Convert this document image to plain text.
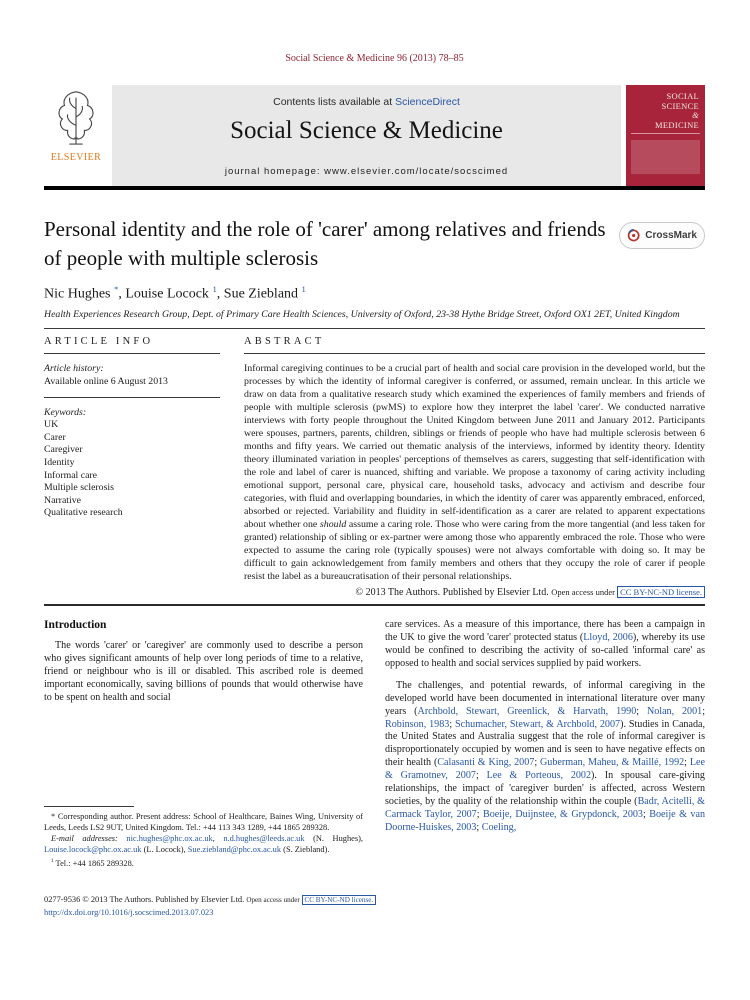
Social Science & Medicine 96 (2013) 78–85
ELSEVIER
Contents lists available at ScienceDirect
Social Science & Medicine
journal homepage: www.elsevier.com/locate/socscimed
SOCIAL
SCIENCE
&
MEDICINE
Personal identity and the role of 'carer' among relatives and friends of people with multiple sclerosis
CrossMark
Nic Hughes *, Louise Locock $^1$, Sue Ziebland $^1$
Health Experiences Research Group, Dept. of Primary Care Health Sciences, University of Oxford, 23-38 Hythe Bridge Street, Oxford OX1 2ET, United Kingdom
ARTICLE INFO
Article history:
Available online 6 August 2013
Keywords:
UK
Carer
Caregiver
Identity
Informal care
Multiple sclerosis
Narrative
Qualitative research
ABSTRACT
Informal caregiving continues to be a crucial part of health and social care provision in the developed world, but the processes by which the identity of informal caregiver is conferred, or assumed, remain unclear. In this article we draw on data from a qualitative research study which examined the experiences of family members and friends of people with multiple sclerosis (pwMS) to explore how they interpret the label 'carer'. We conducted narrative interviews with forty people throughout the United Kingdom between June 2011 and January 2012. Participants were spouses, partners, parents, children, siblings or friends of people who have had multiple sclerosis between 6 months and fifty years. We carried out thematic analysis of the interviews, informed by identity theory. Identity theory illuminated variation in peoples' perceptions of themselves as carers, suggesting that self-identification with the role and label of carer is nuanced, shifting and variable. We propose a taxonomy of caring activity including emotional support, personal care, physical care, household tasks, advocacy and activism and describe four categories, with fluid and overlapping boundaries, in which the identity of carer was apparently embraced, enforced, absorbed or rejected. Variability and fluidity in self-identification as a carer are related to apparent expectations about whether one should assume a caring role. Those who were caring from the more tangential (and less taken for granted) relationship of sibling or ex-partner were among those who apparently embraced the role. Those who were expected to assume the caring role (typically spouses) were not always comfortable with doing so. It may be difficult to gain acknowledgement from family members and others that they occupy the role of carer if people resist the label as a bureaucratisation of their personal relationships.
© 2013 The Authors. Published by Elsevier Ltd. Open access under CC BY-NC-ND license.
Introduction

The words 'carer' or 'caregiver' are commonly used to describe a person who gives significant amounts of help over long periods of time to a relative, friend or neighbour who is ill or disabled. This ascribed role is deemed important economically, saving billions of pounds that would otherwise have to be spent on health and social

* Corresponding author. Present address: School of Healthcare, Baines Wing, University of Leeds, Leeds LS2 9UT, United Kingdom. Tel.: +44 113 343 1289, +44 1865 289328.

E-mail addresses: nic.hughes@phc.ox.ac.uk, n.d.hughes@leeds.ac.uk (N. Hughes), Louise.locock@phc.ox.ac.uk (L. Locock), Sue.ziebland@phc.ox.ac.uk (S. Ziebland).

$^1$ Tel.: +44 1865 289328.

care services. As a measure of this importance, there has been a campaign in the UK to give the word 'carer' protected status (Lloyd, 2006), whereby its use would be confined to describing the activity of so-called 'informal care' as opposed to health and social services supplied by paid workers.

The challenges, and potential rewards, of informal caregiving in the developed world have been documented in international literature over many years (Archbold, Stewart, Greenlick, & Harvath, 1990; Nolan, 2001; Robinson, 1983; Schumacher, Stewart, & Archbold, 2007). Studies in Canada, the United States and Australia suggest that the role of informal caregiver is disproportionately occupied by women and is seen to have negative effects on their health (Calasanti & King, 2007; Guberman, Maheu, & Maillé, 1992; Lee & Gramotnev, 2007; Lee & Porteous, 2002). In spousal care-giving relationships, the impact of 'caregiver burden' is affected, across Western societies, by the quality of the relationship within the couple (Badr, Acitelli, & Carmack Taylor, 2007; Boeije, Duijnstee, & Grypdonck, 2003; Boeije & van Doorne-Huiskes, 2003; Coeling,

0277-9536 © 2013 The Authors. Published by Elsevier Ltd. Open access under CC BY-NC-ND license.

http://dx.doi.org/10.1016/j.socscimed.2013.07.023
